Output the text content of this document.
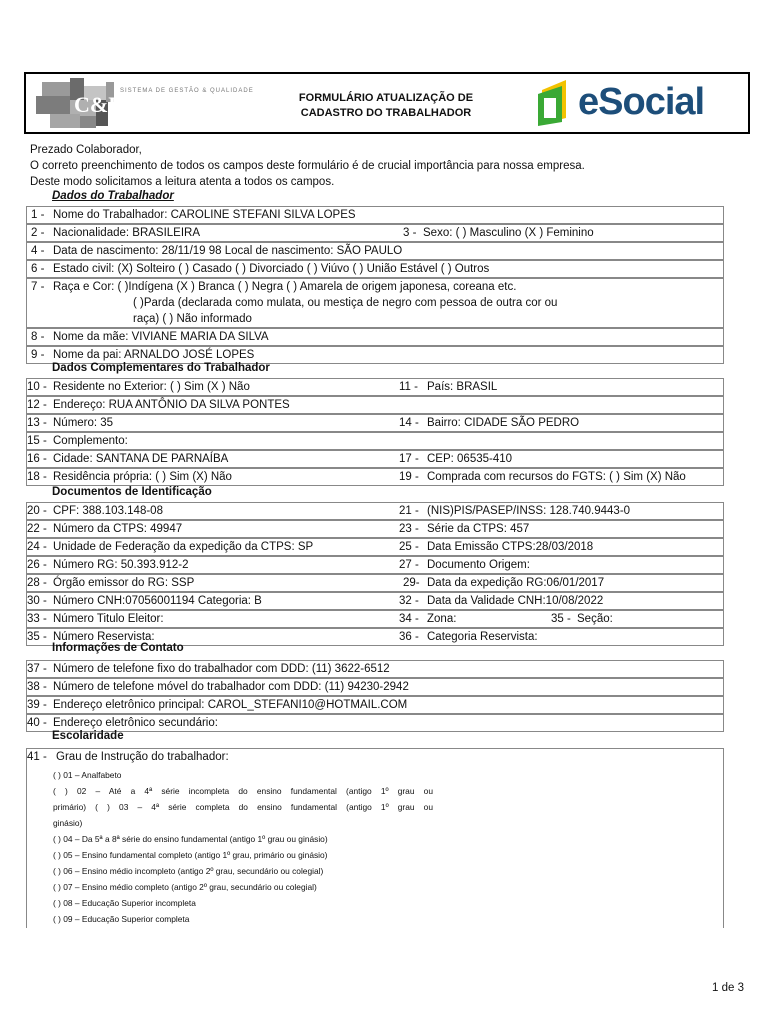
C&P
SISTEMA DE GESTÃO & QUALIDADE
FORMULÁRIO ATUALIZAÇÃO DE
CADASTRO DO TRABALHADOR	eSocial
Prezado Colaborador,
O correto preenchimento de todos os campos deste formulário é de crucial importância para nossa empresa.
Deste modo solicitamos a leitura atenta a todos os campos.
Dados do Trabalhador
1 - Nome do Trabalhador: CAROLINE STEFANI SILVA LOPES
2 - Nacionalidade: BRASILEIRA	3 - Sexo: ( ) Masculino (X ) Feminino
4 - Data de nascimento: 28/11/19 98 Local de nascimento: SÃO PAULO
6 - Estado civil: (X) Solteiro ( ) Casado ( ) Divorciado ( ) Viúvo ( ) União Estável ( ) Outros
7 - Raça e Cor: ( )Indígena (X ) Branca ( ) Negra ( ) Amarela de origem japonesa, coreana etc.
( )Parda (declarada como mulata, ou mestiça de negro com pessoa de outra cor ou
raça) ( ) Não informado
8 - Nome da mãe: VIVIANE MARIA DA SILVA
9 - Nome da pai: ARNALDO JOSÉ LOPES
Dados Complementares do Trabalhador
10 - Residente no Exterior: ( ) Sim (X ) Não	11 - País: BRASIL
12 - Endereço: RUA ANTÔNIO DA SILVA PONTES
13 - Número: 35	14 - Bairro: CIDADE SÃO PEDRO
15 - Complemento:
16 - Cidade: SANTANA DE PARNAÍBA	17 - CEP: 06535-410
18 - Residência própria: ( ) Sim (X) Não	19 - Comprada com recursos do FGTS: ( ) Sim (X) Não
Documentos de Identificação
20 - CPF: 388.103.148-08	21 - (NIS)PIS/PASEP/INSS: 128.740.9443-0
22 - Número da CTPS: 49947	23 - Série da CTPS: 457
24 - Unidade de Federação da expedição da CTPS: SP	25 - Data Emissão CTPS:28/03/2018
26 - Número RG: 50.393.912-2	27 - Documento Origem:
28 - Órgão emissor do RG: SSP	29- Data da expedição RG:06/01/2017
30 - Número CNH:07056001194 Categoria: B	32 - Data da Validade CNH:10/08/2022
33 - Número Titulo Eleitor:	34 - Zona:	35 - Seção:
35 - Número Reservista:	36 - Categoria Reservista:
Informações de Contato
37 - Número de telefone fixo do trabalhador com DDD: (11) 3622-6512
38 - Número de telefone móvel do trabalhador com DDD: (11) 94230-2942
39 - Endereço eletrônico principal: CAROL_STEFANI10@HOTMAIL.COM
40 - Endereço eletrônico secundário:
Escolaridade
41 - Grau de Instrução do trabalhador:
( ) 01 – Analfabeto
( ) 02 – Até a 4ª série incompleta do ensino fundamental (antigo 1º grau ou
primário) ( ) 03 – 4ª série completa do ensino fundamental (antigo 1º grau ou
ginásio)
( ) 04 – Da 5ª a 8ª série do ensino fundamental (antigo 1º grau ou ginásio)
( ) 05 – Ensino fundamental completo (antigo 1º grau, primário ou ginásio)
( ) 06 – Ensino médio incompleto (antigo 2º grau, secundário ou colegial)
( ) 07 – Ensino médio completo (antigo 2º grau, secundário ou colegial)
( ) 08 – Educação Superior incompleta
( ) 09 – Educação Superior completa
1 de 3
